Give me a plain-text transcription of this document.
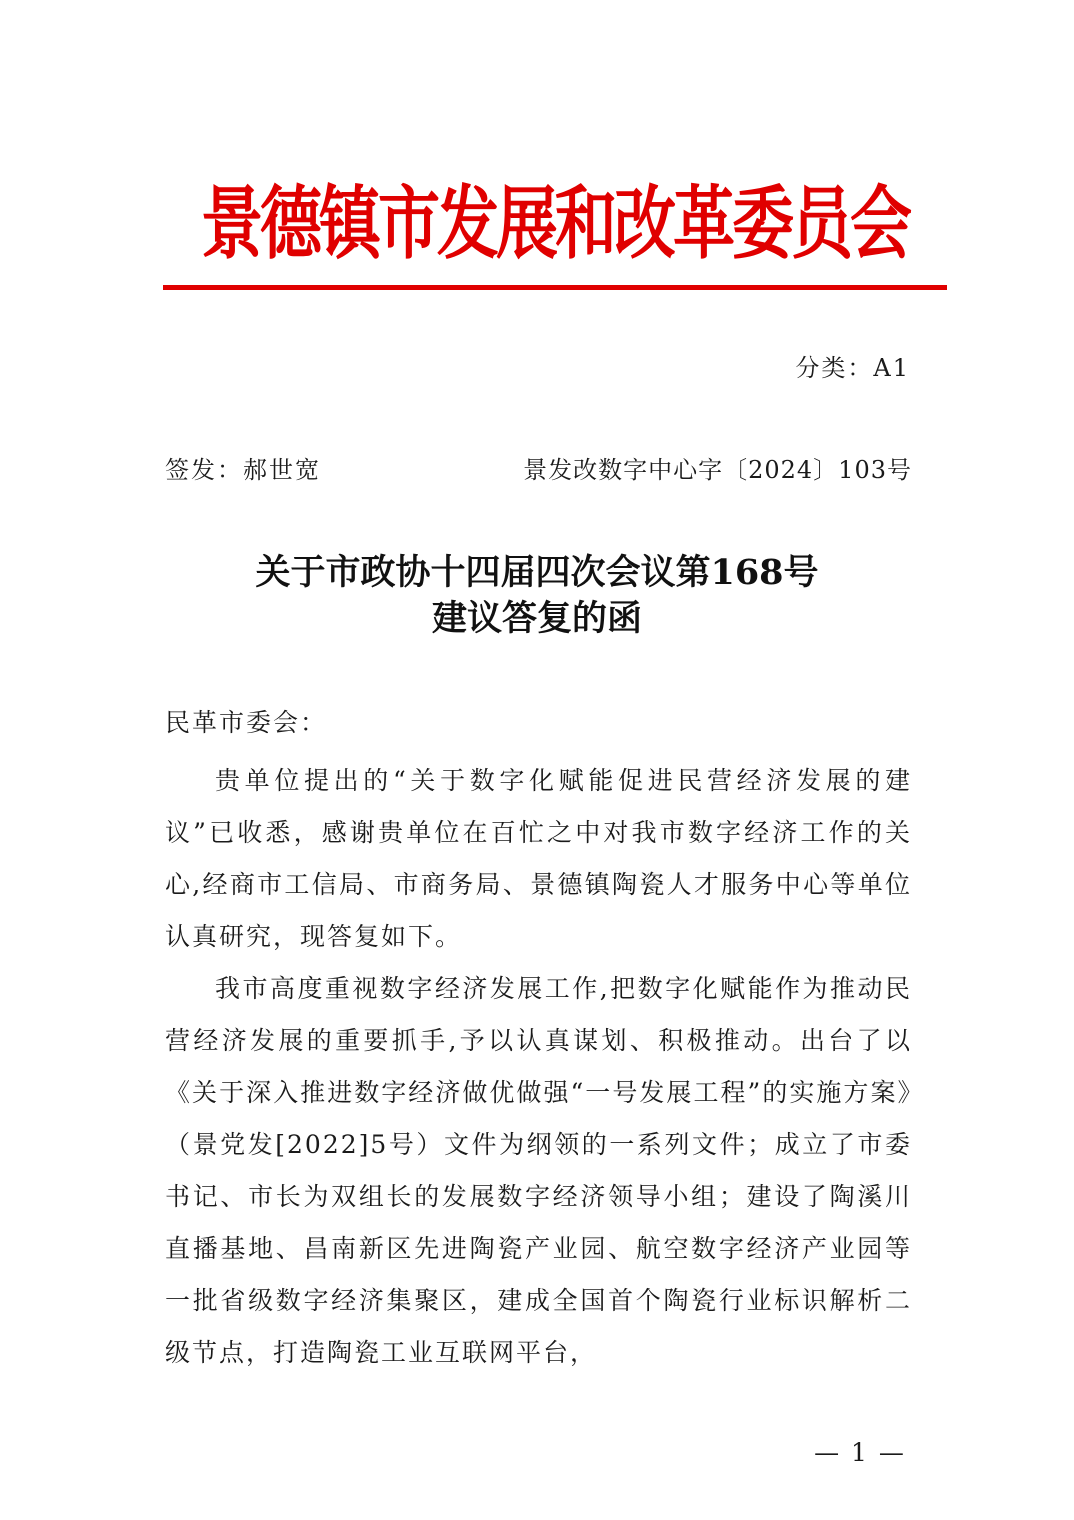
景德镇市发展和改革委员会
分类：A1
签发：郝世宽	景发改数字中心字〔2024〕103号
关于市政协十四届四次会议第168号
建议答复的函
民革市委会：

贵单位提出的“关于数字化赋能促进民营经济发展的建议”已收悉，感谢贵单位在百忙之中对我市数字经济工作的关心,经商市工信局、市商务局、景德镇陶瓷人才服务中心等单位认真研究，现答复如下。

我市高度重视数字经济发展工作,把数字化赋能作为推动民营经济发展的重要抓手,予以认真谋划、积极推动。出台了以《关于深入推进数字经济做优做强“一号发展工程”的实施方案》（景党发[2022]5号）文件为纲领的一系列文件；成立了市委书记、市长为双组长的发展数字经济领导小组；建设了陶溪川直播基地、昌南新区先进陶瓷产业园、航空数字经济产业园等一批省级数字经济集聚区，建成全国首个陶瓷行业标识解析二级节点，打造陶瓷工业互联网平台，

— 1 —
